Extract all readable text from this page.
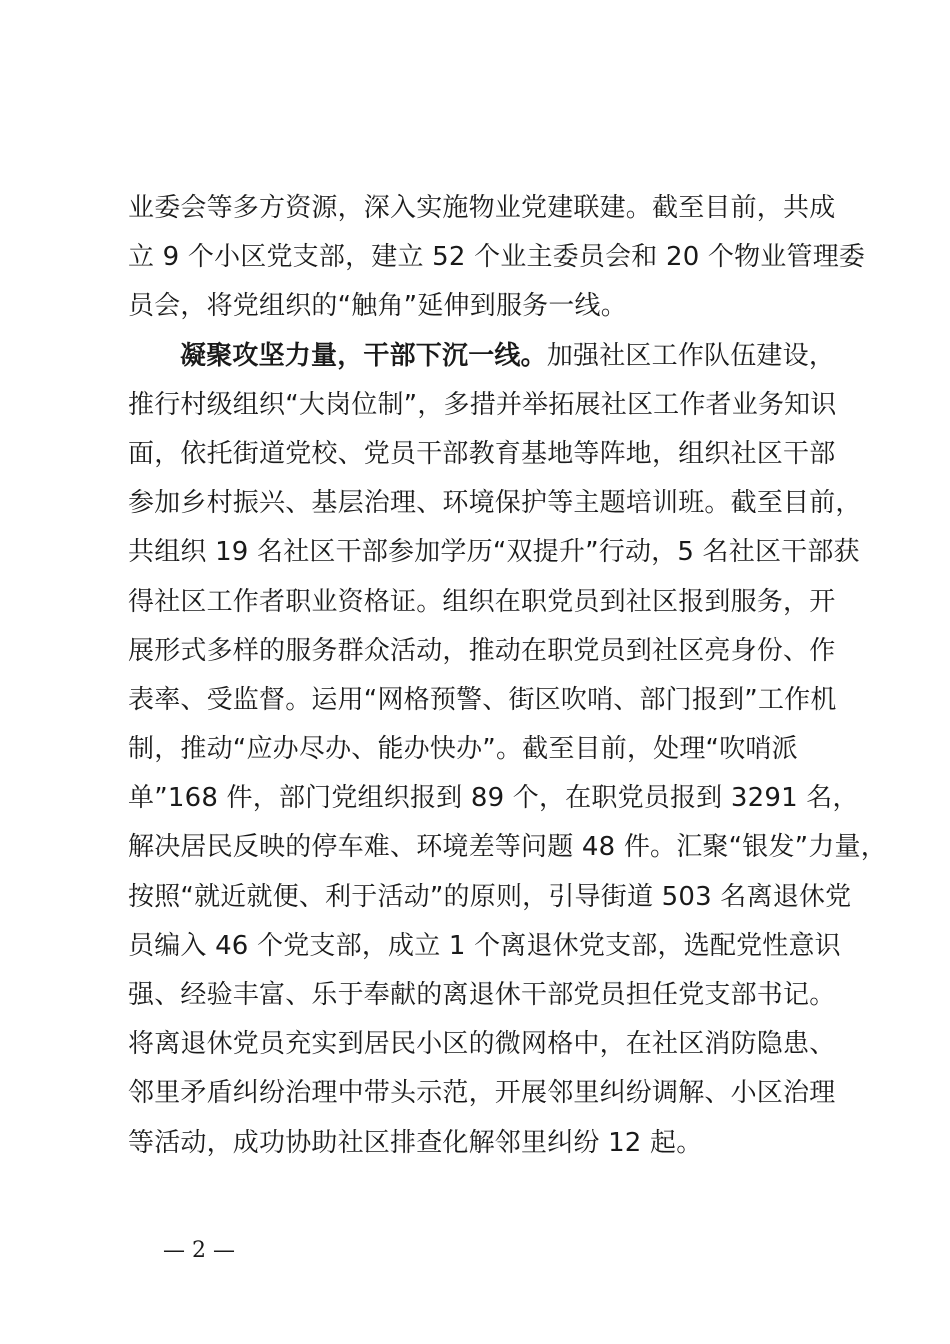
业委会等多方资源，深入实施物业党建联建。截至目前，共成
立 9 个小区党支部，建立 52 个业主委员会和 20 个物业管理委
员会，将党组织的“触角”延伸到服务一线。
凝聚攻坚力量，干部下沉一线。加强社区工作队伍建设，
推行村级组织“大岗位制”，多措并举拓展社区工作者业务知识
面，依托街道党校、党员干部教育基地等阵地，组织社区干部
参加乡村振兴、基层治理、环境保护等主题培训班。截至目前，
共组织 19 名社区干部参加学历“双提升”行动，5 名社区干部获
得社区工作者职业资格证。组织在职党员到社区报到服务，开
展形式多样的服务群众活动，推动在职党员到社区亮身份、作
表率、受监督。运用“网格预警、街区吹哨、部门报到”工作机
制，推动“应办尽办、能办快办”。截至目前，处理“吹哨派
单”168 件，部门党组织报到 89 个，在职党员报到 3291 名，
解决居民反映的停车难、环境差等问题 48 件。汇聚“银发”力量，
按照“就近就便、利于活动”的原则，引导街道 503 名离退休党
员编入 46 个党支部，成立 1 个离退休党支部，选配党性意识
强、经验丰富、乐于奉献的离退休干部党员担任党支部书记。
将离退休党员充实到居民小区的微网格中，在社区消防隐患、
邻里矛盾纠纷治理中带头示范，开展邻里纠纷调解、小区治理
等活动，成功协助社区排查化解邻里纠纷 12 起。
— 2 —
